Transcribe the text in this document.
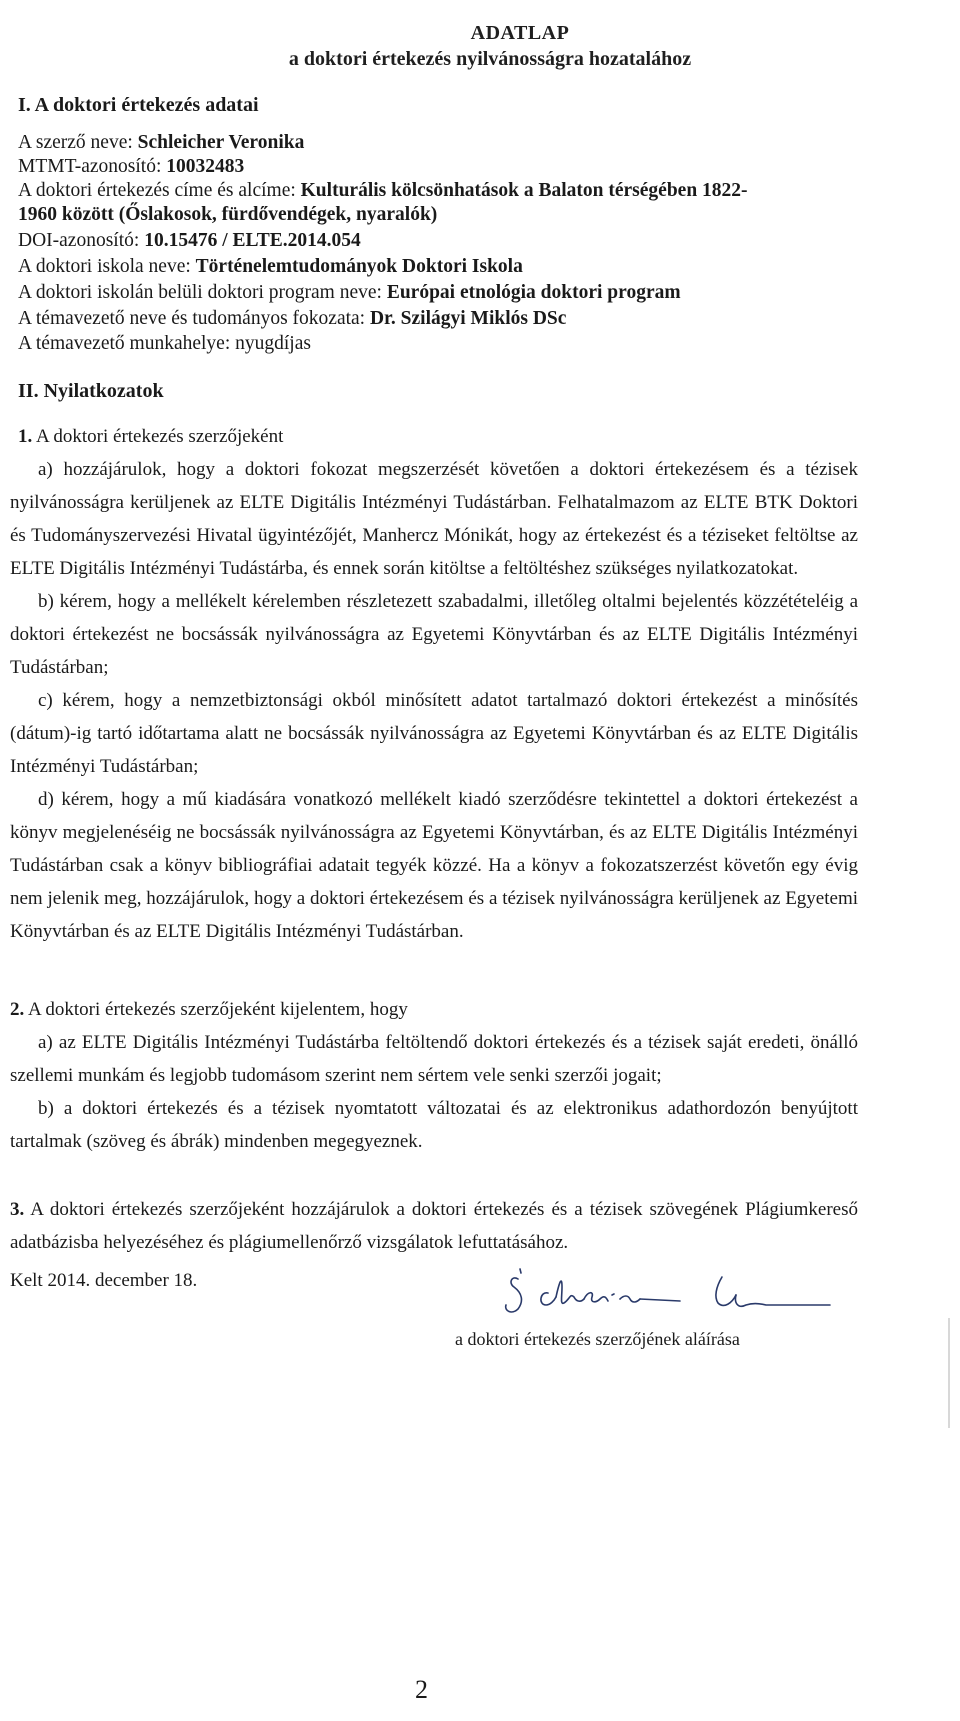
ADATLAP
a doktori értekezés nyilvánosságra hozatalához
I. A doktori értekezés adatai
A szerző neve: Schleicher Veronika
MTMT-azonosító: 10032483
A doktori értekezés címe és alcíme: Kulturális kölcsönhatások a Balaton térségében 1822-
1960 között (Őslakosok, fürdővendégek, nyaralók)
DOI-azonosító: 10.15476 / ELTE.2014.054
A doktori iskola neve: Történelemtudományok Doktori Iskola
A doktori iskolán belüli doktori program neve: Európai etnológia doktori program
A témavezető neve és tudományos fokozata: Dr. Szilágyi Miklós DSc
A témavezető munkahelye: nyugdíjas
II. Nyilatkozatok

1. A doktori értekezés szerzőjeként

a) hozzájárulok, hogy a doktori fokozat megszerzését követően a doktori értekezésem és a tézisek nyilvánosságra kerüljenek az ELTE Digitális Intézményi Tudástárban. Felhatalmazom az ELTE BTK Doktori és Tudományszervezési Hivatal ügyintézőjét, Manhercz Mónikát, hogy az értekezést és a téziseket feltöltse az ELTE Digitális Intézményi Tudástárba, és ennek során kitöltse a feltöltéshez szükséges nyilatkozatokat.

b) kérem, hogy a mellékelt kérelemben részletezett szabadalmi, illetőleg oltalmi bejelentés közzétételéig a doktori értekezést ne bocsássák nyilvánosságra az Egyetemi Könyvtárban és az ELTE Digitális Intézményi Tudástárban;

c) kérem, hogy a nemzetbiztonsági okból minősített adatot tartalmazó doktori értekezést a minősítés (dátum)-ig tartó időtartama alatt ne bocsássák nyilvánosságra az Egyetemi Könyvtárban és az ELTE Digitális Intézményi Tudástárban;

d) kérem, hogy a mű kiadására vonatkozó mellékelt kiadó szerződésre tekintettel a doktori értekezést a könyv megjelenéséig ne bocsássák nyilvánosságra az Egyetemi Könyvtárban, és az ELTE Digitális Intézményi Tudástárban csak a könyv bibliográfiai adatait tegyék közzé. Ha a könyv a fokozatszerzést követőn egy évig nem jelenik meg, hozzájárulok, hogy a doktori értekezésem és a tézisek nyilvánosságra kerüljenek az Egyetemi Könyvtárban és az ELTE Digitális Intézményi Tudástárban.

2. A doktori értekezés szerzőjeként kijelentem, hogy

a) az ELTE Digitális Intézményi Tudástárba feltöltendő doktori értekezés és a tézisek saját eredeti, önálló szellemi munkám és legjobb tudomásom szerint nem sértem vele senki szerzői jogait;

b) a doktori értekezés és a tézisek nyomtatott változatai és az elektronikus adathordozón benyújtott tartalmak (szöveg és ábrák) mindenben megegyeznek.

3. A doktori értekezés szerzőjeként hozzájárulok a doktori értekezés és a tézisek szövegének Plágiumkereső adatbázisba helyezéséhez és plágiumellenőrző vizsgálatok lefuttatásához.

Kelt 2014. december 18.
a doktori értekezés szerzőjének aláírása
2
